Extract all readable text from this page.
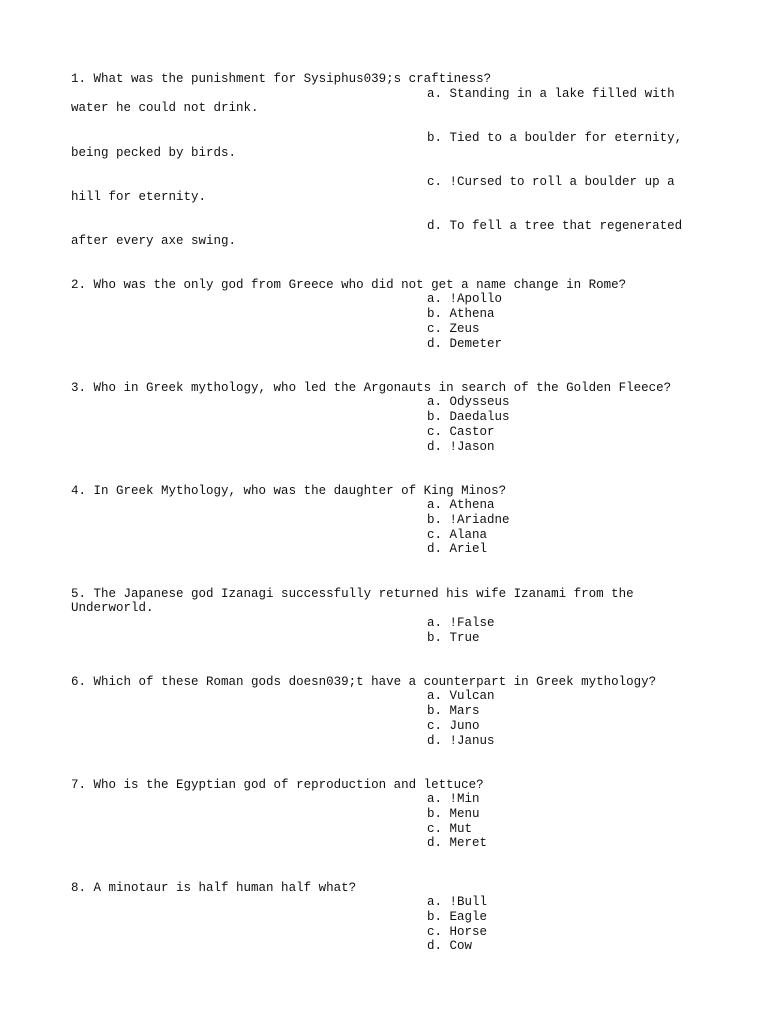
1. What was the punishment for Sysiphus039;s craftiness?
a. Standing in a lake filled with
water he could not drink.
b. Tied to a boulder for eternity,
being pecked by birds.
c. !Cursed to roll a boulder up a
hill for eternity.
d. To fell a tree that regenerated
after every axe swing.
2. Who was the only god from Greece who did not get a name change in Rome?
a. !Apollo
b. Athena
c. Zeus
d. Demeter
3. Who in Greek mythology, who led the Argonauts in search of the Golden Fleece?
a. Odysseus
b. Daedalus
c. Castor
d. !Jason
4. In Greek Mythology, who was the daughter of King Minos?
a. Athena
b. !Ariadne
c. Alana
d. Ariel
5. The Japanese god Izanagi successfully returned his wife Izanami from the
Underworld.
a. !False
b. True
6. Which of these Roman gods doesn039;t have a counterpart in Greek mythology?
a. Vulcan
b. Mars
c. Juno
d. !Janus
7. Who is the Egyptian god of reproduction and lettuce?
a. !Min
b. Menu
c. Mut
d. Meret
8. A minotaur is half human half what?
a. !Bull
b. Eagle
c. Horse
d. Cow
